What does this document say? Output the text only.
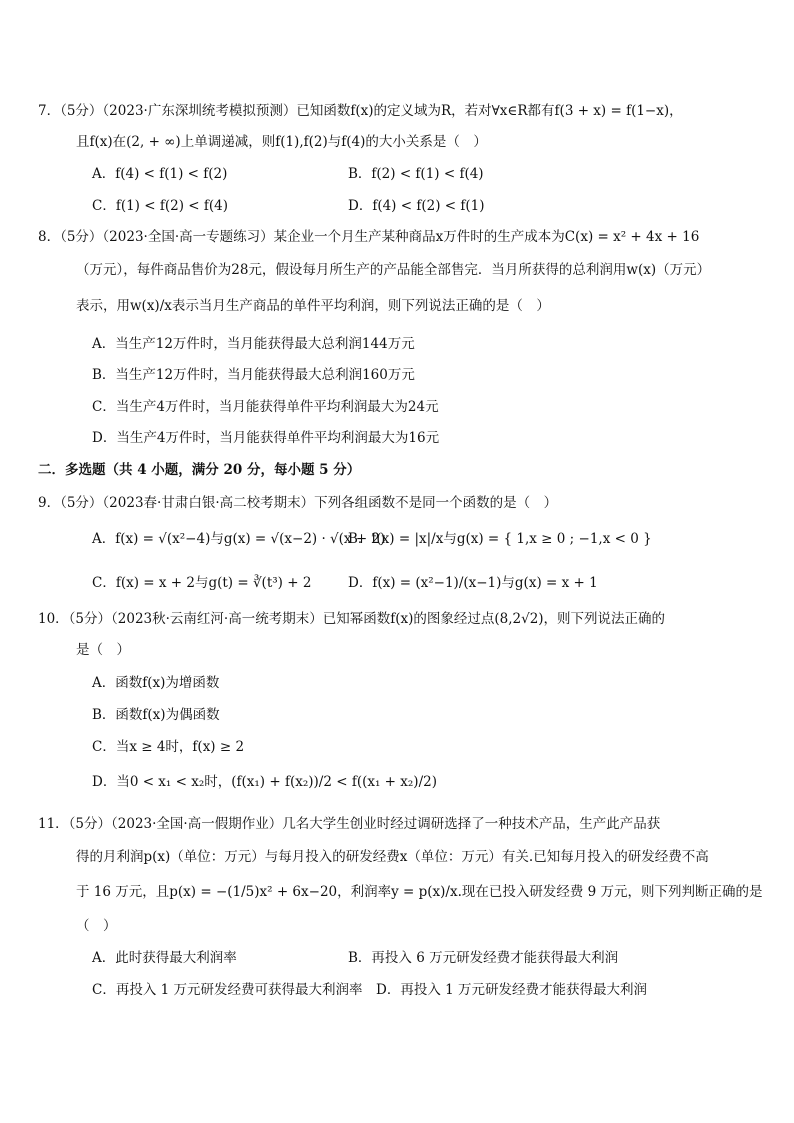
7．（5分）（2023·广东深圳统考模拟预测）已知函数f(x)的定义域为R，若对∀x∈R都有f(3 + x) = f(1−x)，
且f(x)在(2, + ∞)上单调递减，则f(1),f(2)与f(4)的大小关系是（　）
A．f(4) < f(1) < f(2)	B．f(2) < f(1) < f(4)
C．f(1) < f(2) < f(4)	D．f(4) < f(2) < f(1)
8．（5分）（2023·全国·高一专题练习）某企业一个月生产某种商品x万件时的生产成本为C(x) = x² + 4x + 16
（万元），每件商品售价为28元，假设每月所生产的产品能全部售完．当月所获得的总利润用w(x)（万元）
表示，用w(x)/x表示当月生产商品的单件平均利润，则下列说法正确的是（　）
A．当生产12万件时，当月能获得最大总利润144万元
B．当生产12万件时，当月能获得最大总利润160万元
C．当生产4万件时，当月能获得单件平均利润最大为24元
D．当生产4万件时，当月能获得单件平均利润最大为16元
二．多选题（共 4 小题，满分 20 分，每小题 5 分）
9．（5分）（2023春·甘肃白银·高二校考期末）下列各组函数不是同一个函数的是（　）
A．f(x) = √(x²−4)与g(x) = √(x−2) · √(x + 2)
B．f(x) = |x|/x与g(x) = { 1,x ≥ 0 ; −1,x < 0 }
C．f(x) = x + 2与g(t) = ∛(t³) + 2	D．f(x) = (x²−1)/(x−1)与g(x) = x + 1
10．（5分）（2023秋·云南红河·高一统考期末）已知幂函数f(x)的图象经过点(8,2√2)，则下列说法正确的
是（　）
A．函数f(x)为增函数
B．函数f(x)为偶函数
C．当x ≥ 4时，f(x) ≥ 2
D．当0 < x₁ < x₂时，(f(x₁) + f(x₂))/2 < f((x₁ + x₂)/2)
11．（5分）（2023·全国·高一假期作业）几名大学生创业时经过调研选择了一种技术产品，生产此产品获
得的月利润p(x)（单位：万元）与每月投入的研发经费x（单位：万元）有关.已知每月投入的研发经费不高
于 16 万元，且p(x) = −(1/5)x² + 6x−20，利润率y = p(x)/x.现在已投入研发经费 9 万元，则下列判断正确的是
（　）
A．此时获得最大利润率	B．再投入 6 万元研发经费才能获得最大利润
C．再投入 1 万元研发经费可获得最大利润率 D．再投入 1 万元研发经费才能获得最大利润
